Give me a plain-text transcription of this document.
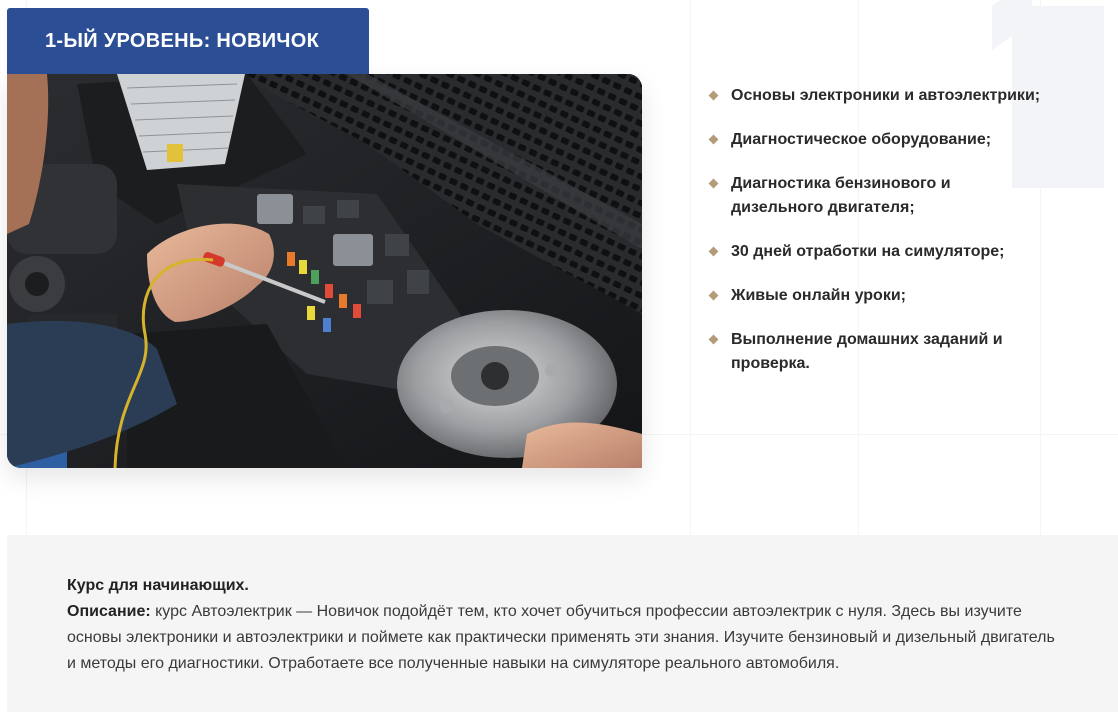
1-ЫЙ УРОВЕНЬ: НОВИЧОК
Основы электроники и автоэлектрики;
Диагностическое оборудование;
Диагностика бензинового и дизельного двигателя;
30 дней отработки на симуляторе;
Живые онлайн уроки;
Выполнение домашних заданий и проверка.
Курс для начинающих.

Описание: курс Автоэлектрик — Новичок подойдёт тем, кто хочет обучиться профессии автоэлектрик с нуля. Здесь вы изучите основы электроники и автоэлектрики и поймете как практически применять эти знания. Изучите бензиновый и дизельный двигатель и методы его диагностики. Отработаете все полученные навыки на симуляторе реального автомобиля.
